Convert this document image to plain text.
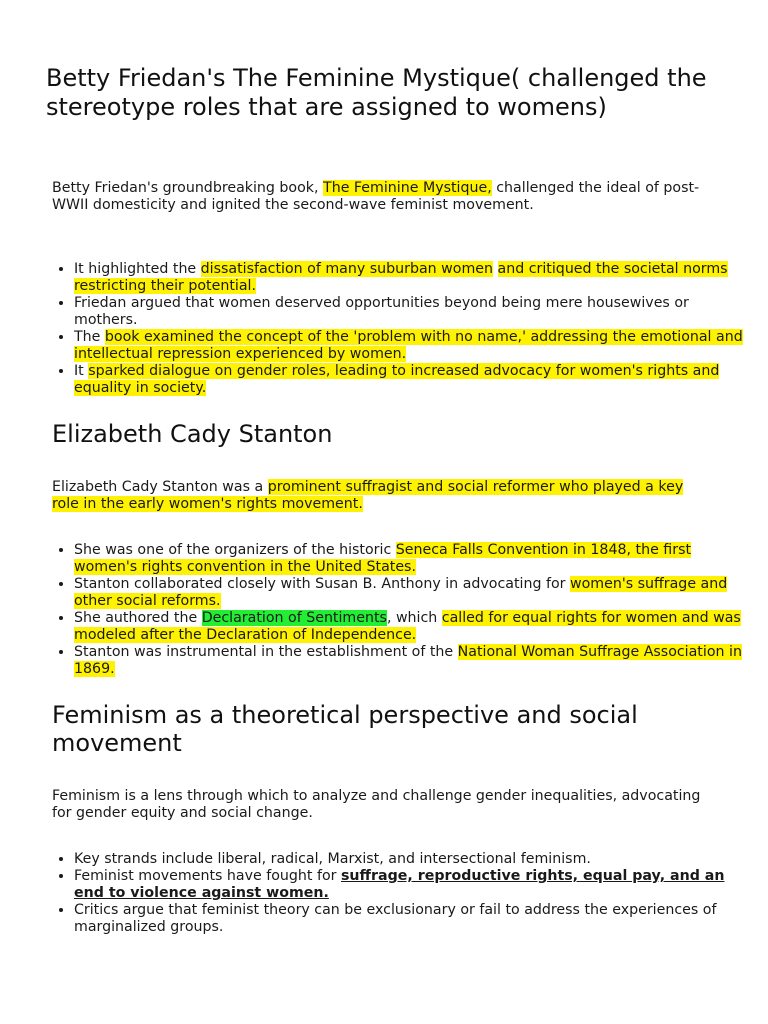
Betty Friedan's The Feminine Mystique( challenged the stereotype roles that are assigned to womens)

Betty Friedan's groundbreaking book, The Feminine Mystique, challenged the ideal of post-WWII domesticity and ignited the second-wave feminist movement.

• It highlighted the dissatisfaction of many suburban women and critiqued the societal norms restricting their potential.
• Friedan argued that women deserved opportunities beyond being mere housewives or mothers.
• The book examined the concept of the 'problem with no name,' addressing the emotional and intellectual repression experienced by women.
• It sparked dialogue on gender roles, leading to increased advocacy for women's rights and equality in society.
Elizabeth Cady Stanton

Elizabeth Cady Stanton was a prominent suffragist and social reformer who played a key role in the early women's rights movement.

• She was one of the organizers of the historic Seneca Falls Convention in 1848, the first women's rights convention in the United States.
• Stanton collaborated closely with Susan B. Anthony in advocating for women's suffrage and other social reforms.
• She authored the Declaration of Sentiments, which called for equal rights for women and was modeled after the Declaration of Independence.
• Stanton was instrumental in the establishment of the National Woman Suffrage Association in 1869.
Feminism as a theoretical perspective and social movement

Feminism is a lens through which to analyze and challenge gender inequalities, advocating for gender equity and social change.

• Key strands include liberal, radical, Marxist, and intersectional feminism.
• Feminist movements have fought for suffrage, reproductive rights, equal pay, and an end to violence against women.
• Critics argue that feminist theory can be exclusionary or fail to address the experiences of marginalized groups.
